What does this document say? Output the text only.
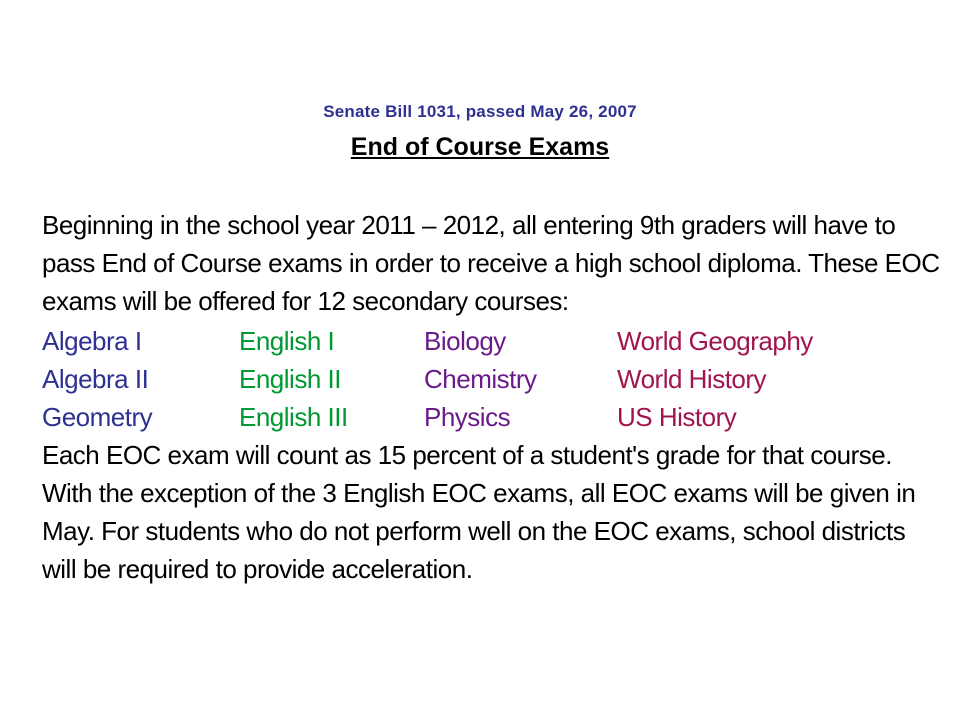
Senate Bill 1031, passed May 26, 2007
End of Course Exams
Beginning in the school year 2011 – 2012, all entering 9th graders will have to pass End of Course exams in order to receive a high school diploma. These EOC exams will be offered for 12 secondary courses:
Algebra I	English I	Biology	World Geography
Algebra II	English II	Chemistry	World History
Geometry	English III	Physics	US History
Each EOC exam will count as 15 percent of a student's grade for that course. With the exception of the 3 English EOC exams, all EOC exams will be given in May. For students who do not perform well on the EOC exams, school districts will be required to provide acceleration.
